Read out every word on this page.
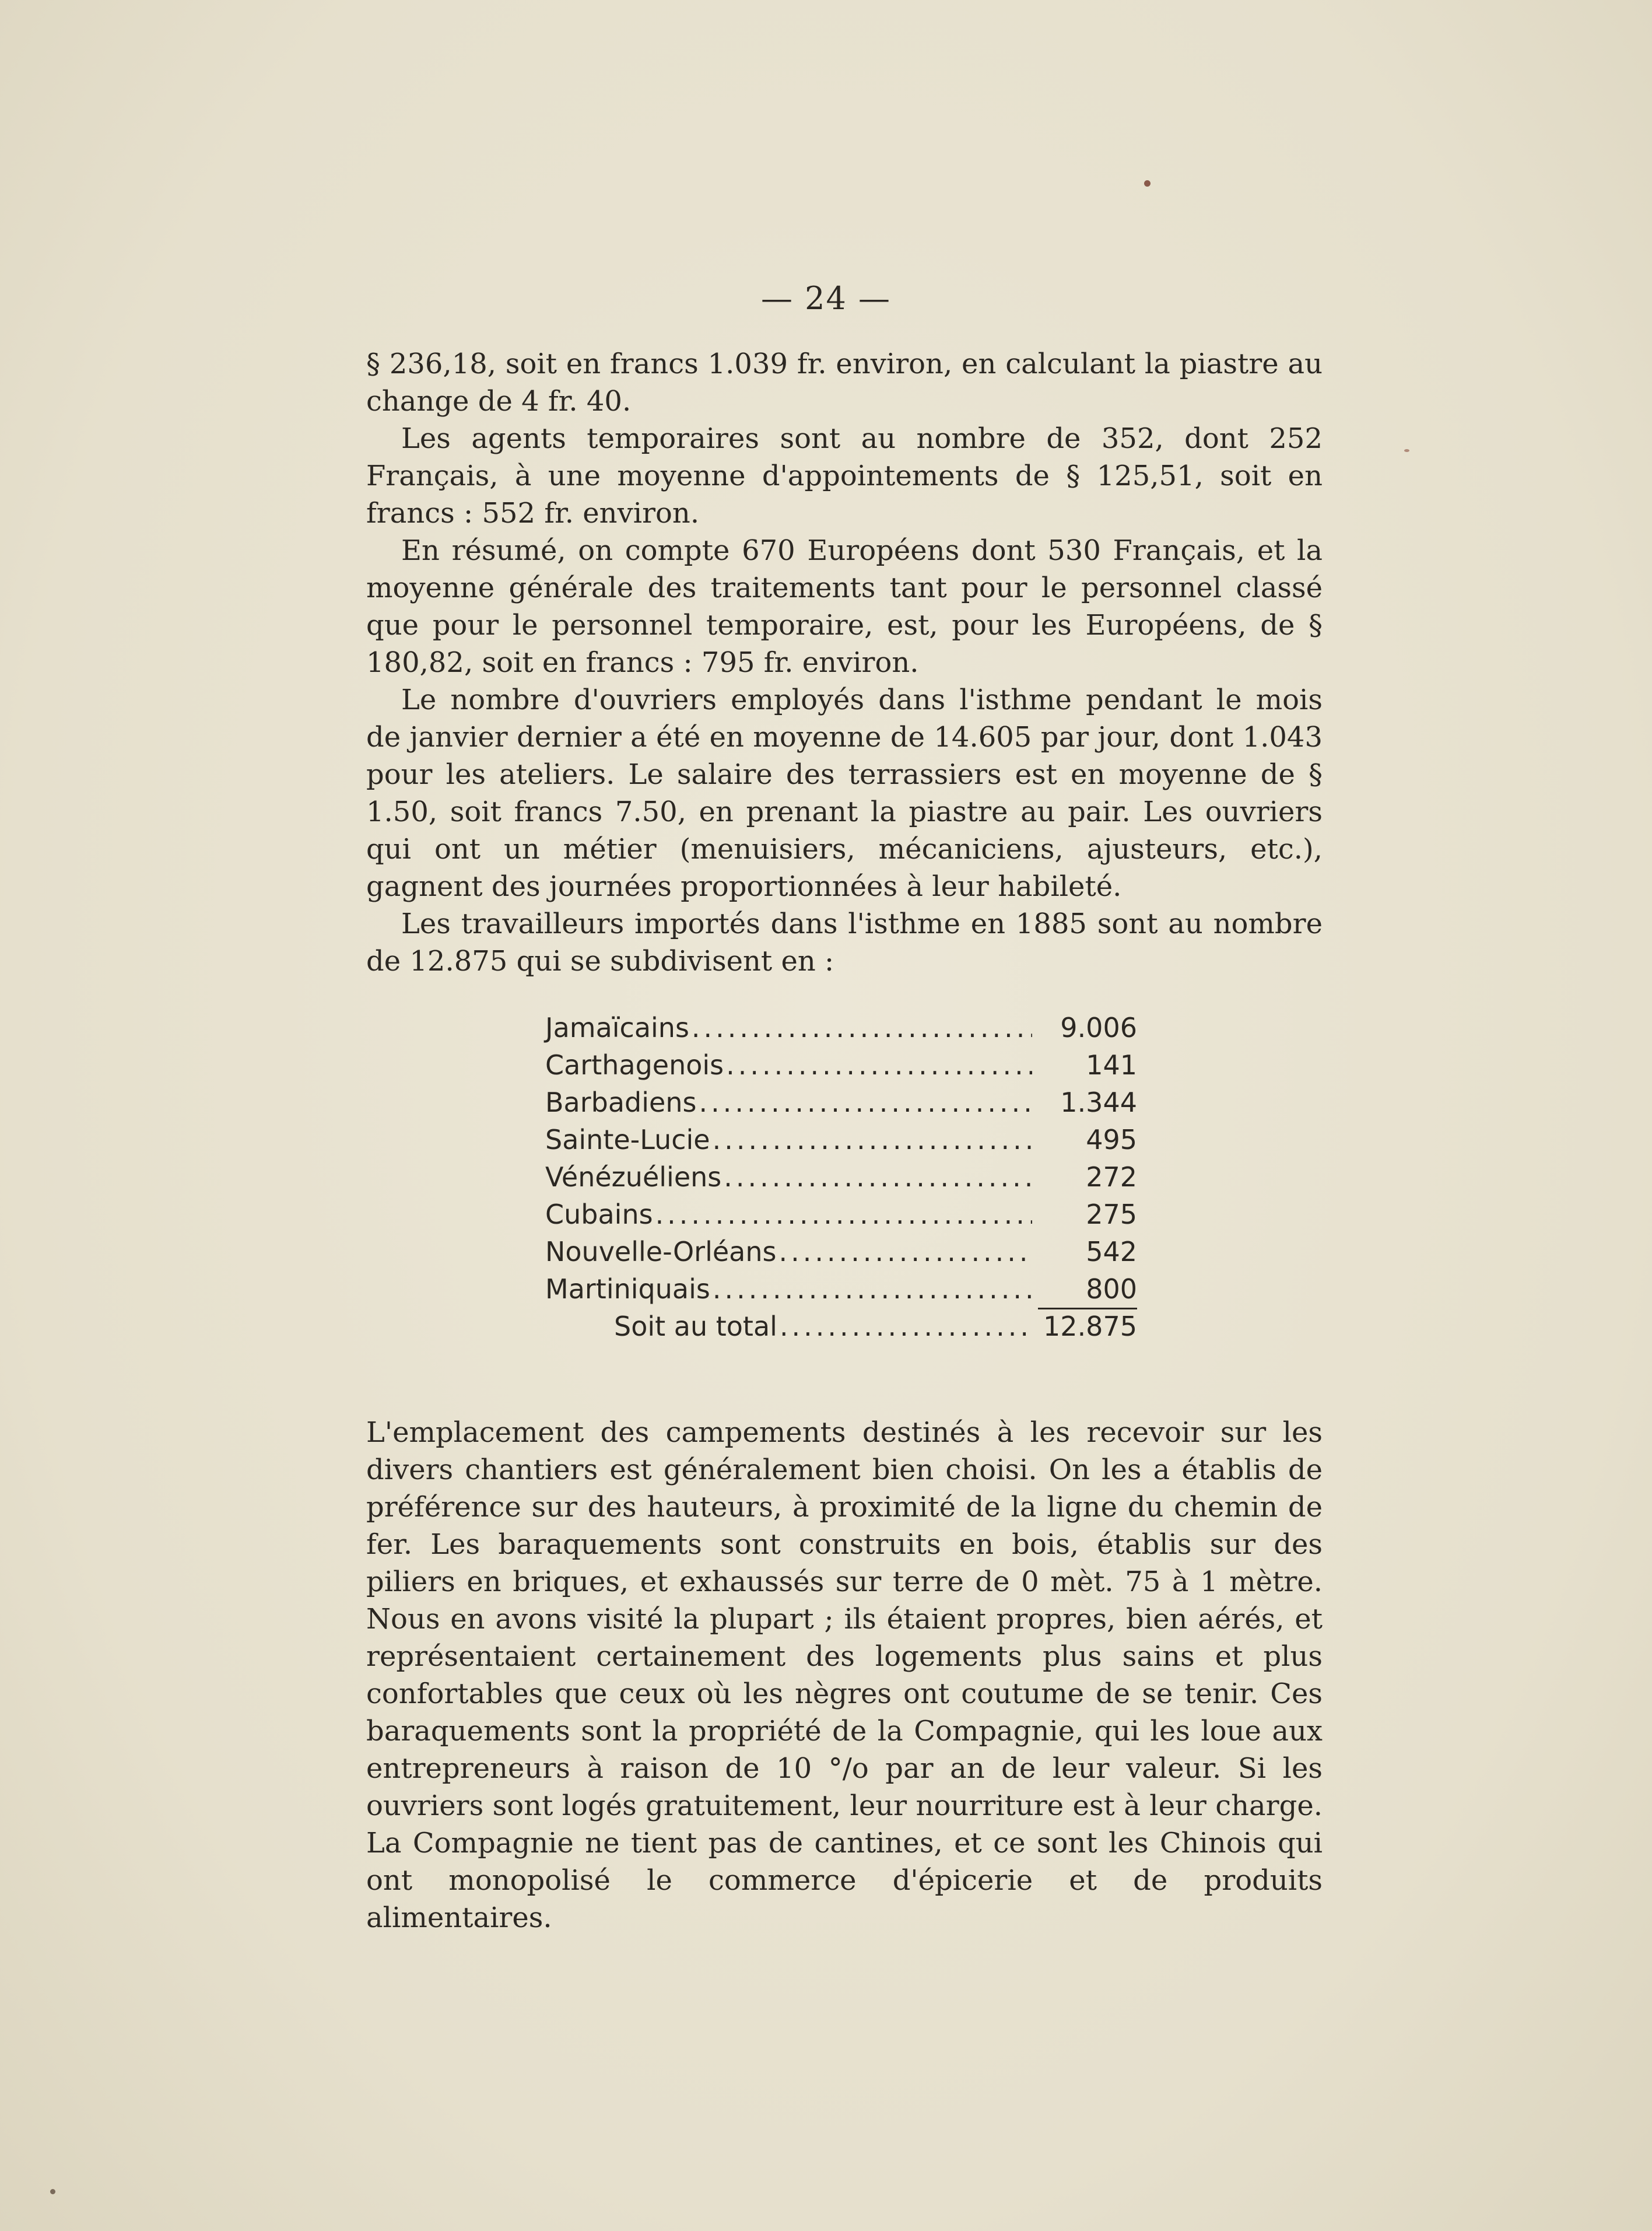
— 24 —

§ 236,18, soit en francs 1.039 fr. environ, en calculant la piastre au change de 4 fr. 40.

Les agents temporaires sont au nombre de 352, dont 252 Français, à une moyenne d'appointements de § 125,51, soit en francs : 552 fr. environ.

En résumé, on compte 670 Européens dont 530 Français, et la moyenne générale des traitements tant pour le personnel classé que pour le personnel temporaire, est, pour les Européens, de § 180,82, soit en francs : 795 fr. environ.

Le nombre d'ouvriers employés dans l'isthme pendant le mois de janvier dernier a été en moyenne de 14.605 par jour, dont 1.043 pour les ateliers. Le salaire des terrassiers est en moyenne de § 1.50, soit francs 7.50, en prenant la piastre au pair. Les ouvriers qui ont un métier (menuisiers, mécaniciens, ajusteurs, etc.), gagnent des journées proportionnées à leur habileté.

Les travailleurs importés dans l'isthme en 1885 sont au nombre de 12.875 qui se subdivisent en :

Jamaïcains .....	9.006
Carthagenois .....	141
Barbadiens .....	1.344
Sainte-Lucie .....	495
Vénézuéliens .....	272
Cubains .....	275
Nouvelle-Orléans .....	542
Martiniquais .....	800
Soit au total .....	12.875

L'emplacement des campements destinés à les recevoir sur les divers chantiers est généralement bien choisi. On les a établis de préférence sur des hauteurs, à proximité de la ligne du chemin de fer. Les baraquements sont construits en bois, établis sur des piliers en briques, et exhaussés sur terre de 0 mèt. 75 à 1 mètre. Nous en avons visité la plupart ; ils étaient propres, bien aérés, et représentaient certainement des logements plus sains et plus confortables que ceux où les nègres ont coutume de se tenir. Ces baraquements sont la propriété de la Compagnie, qui les loue aux entrepreneurs à raison de 10 °/o par an de leur valeur. Si les ouvriers sont logés gratuitement, leur nourriture est à leur charge. La Compagnie ne tient pas de cantines, et ce sont les Chinois qui ont monopolisé le commerce d'épicerie et de produits alimentaires.
